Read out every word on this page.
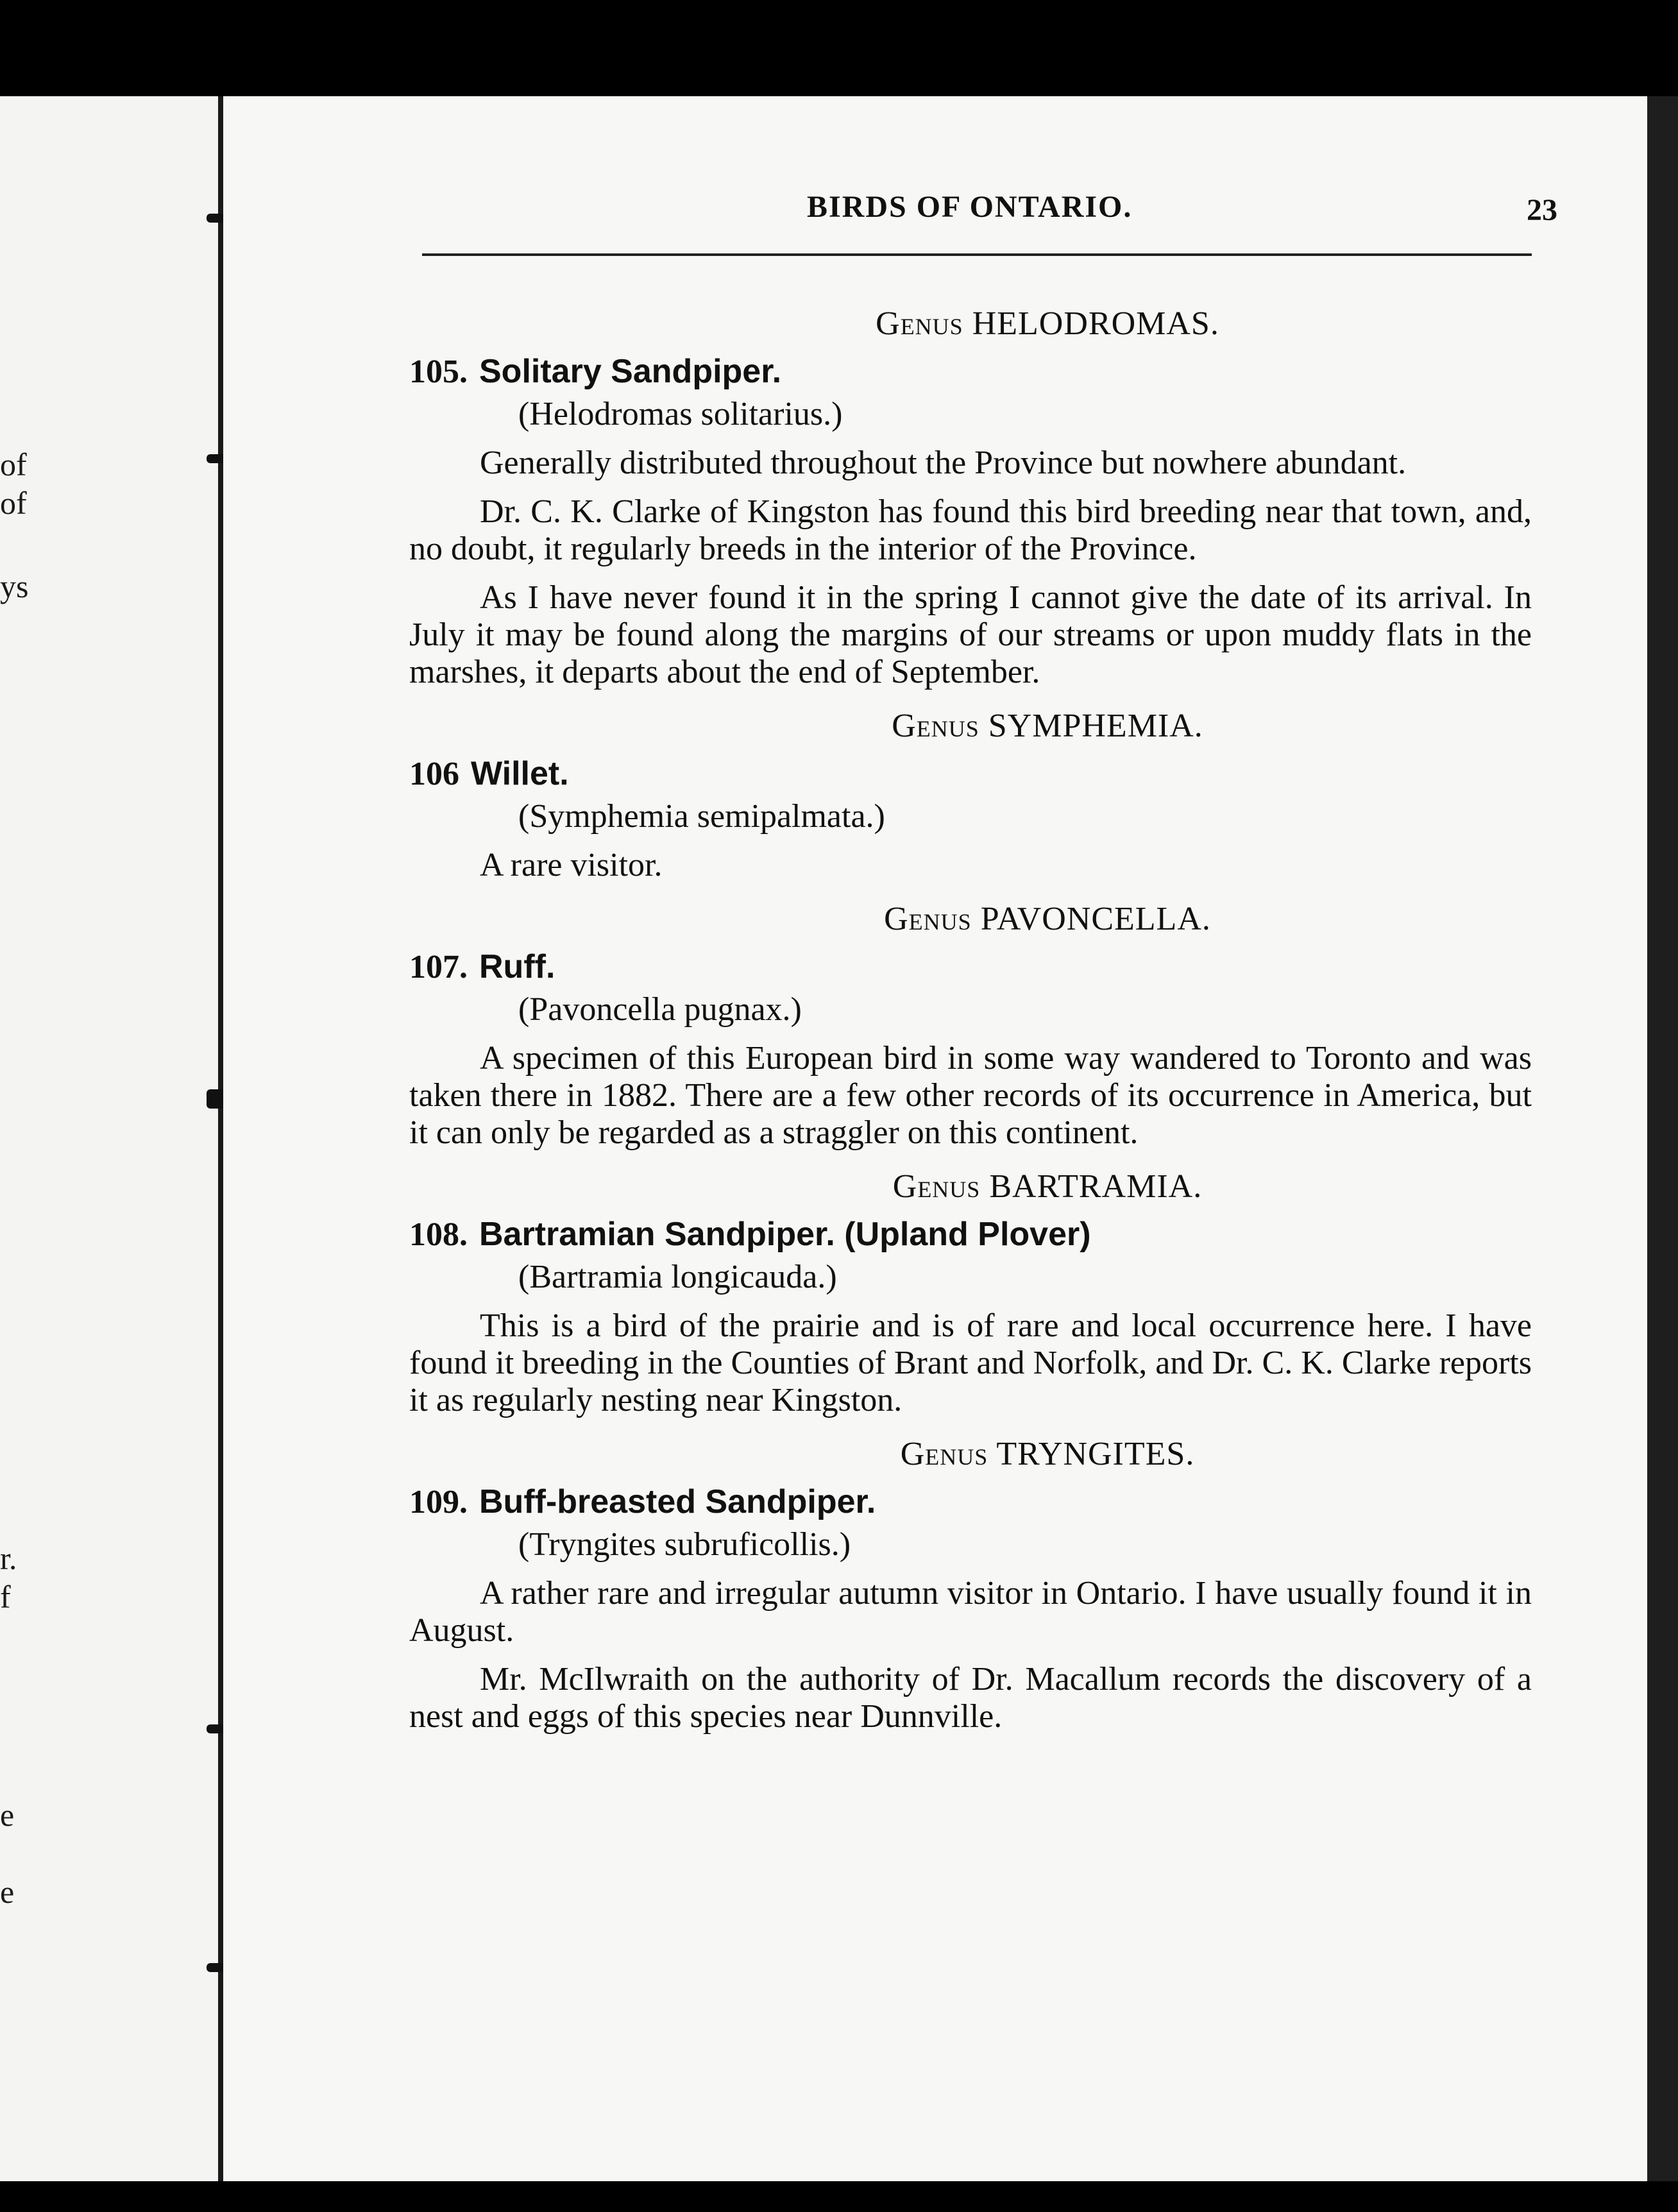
of
of
ys
r.
f
e
e
BIRDS OF ONTARIO.	23
Genus HELODROMAS.
105. Solitary Sandpiper.
(Helodromas solitarius.)

Generally distributed throughout the Province but nowhere abundant.

Dr. C. K. Clarke of Kingston has found this bird breeding near that town, and, no doubt, it regularly breeds in the interior of the Province.

As I have never found it in the spring I cannot give the date of its arrival. In July it may be found along the margins of our streams or upon muddy flats in the marshes, it departs about the end of September.

Genus SYMPHEMIA.
106 Willet.
(Symphemia semipalmata.)

A rare visitor.

Genus PAVONCELLA.
107. Ruff.
(Pavoncella pugnax.)

A specimen of this European bird in some way wandered to Toronto and was taken there in 1882. There are a few other records of its occurrence in America, but it can only be regarded as a straggler on this continent.

Genus BARTRAMIA.
108. Bartramian Sandpiper. (Upland Plover)
(Bartramia longicauda.)

This is a bird of the prairie and is of rare and local occurrence here. I have found it breeding in the Counties of Brant and Norfolk, and Dr. C. K. Clarke reports it as regularly nesting near Kingston.

Genus TRYNGITES.
109. Buff-breasted Sandpiper.
(Tryngites subruficollis.)

A rather rare and irregular autumn visitor in Ontario. I have usually found it in August.

Mr. McIlwraith on the authority of Dr. Macallum records the discovery of a nest and eggs of this species near Dunnville.
